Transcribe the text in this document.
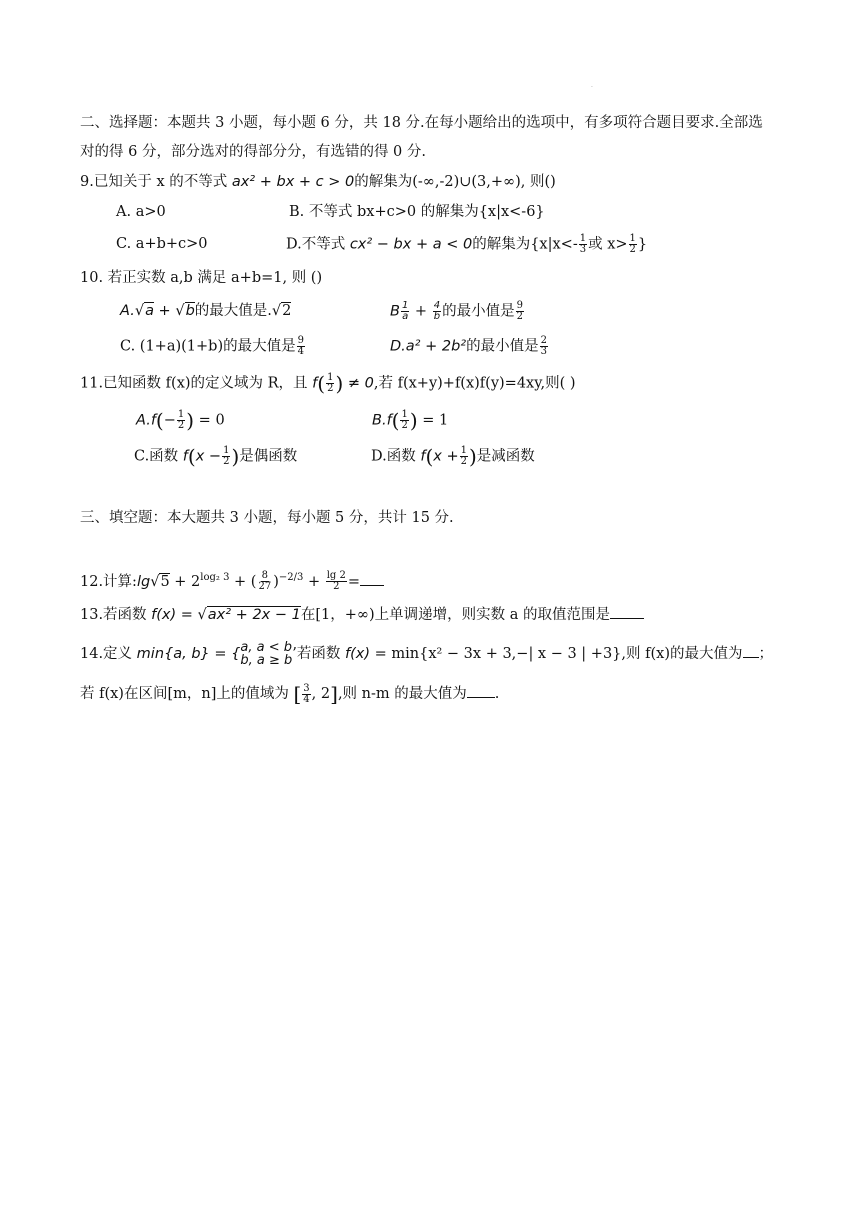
·
二、选择题：本题共 3 小题，每小题 6 分，共 18 分.在每小题给出的选项中，有多项符合题目要求.全部选
对的得 6 分，部分选对的得部分分，有选错的得 0 分.
9.已知关于 x 的不等式 ax² + bx + c > 0的解集为(-∞,-2)∪(3,+∞), 则()
A. a>0	B. 不等式 bx+c>0 的解集为{x|x<-6}
C. a+b+c>0	D.不等式 cx² − bx + a < 0的解集为{$x|x<- \frac{1}{3}$ 或 $x> \frac{1}{2}$ }
10. 若正实数 a,b 满足 a+b=1, 则 ()
A.√a + √b的最大值是.√2	B $\frac{1}{a} + \frac{4}{b}$ 的最小值是 $\frac{9}{2}$
C. (1+a)(1+b)的最大值是 $\frac{9}{4}$	D.a² + 2b²的最小值是 $\frac{2}{3}$
11.已知函数 f(x)的定义域为 R，且 $f( \frac{1}{2}$ ) ≠ 0,若 f(x+y)+f(x)f(y)=4xy,则( )
$A.f(- \frac{1}{2}$ ) = 0	$B.f( \frac{1}{2}$ ) = 1
C.函数 $f(x - \frac{1}{2}$ )是偶函数	D.函数 $f(x + \frac{1}{2}$ )是减函数
三、填空题：本大题共 3 小题，每小题 5 分，共计 15 分.
12.计算:lg√5 + $2^{log_2 3}$ + ( $\frac{8}{27} )^{-2/3} + \frac{\lg 2}{2}$ =
13.若函数 f(x) = √ax² + 2x − 1在[1，+∞)上单调递增，则实数 a 的取值范围是
14.定义 min{a, b} = { a, a < b
b, a ≥ b ’若函数 f(x) = min{x² − 3x + 3,−| x − 3 | +3},则 f(x)的最大值为 ；
若 f(x)在区间[m，n]上的值域为 [ $\frac{3}{4}$ , 2],则 n-m 的最大值为 .
